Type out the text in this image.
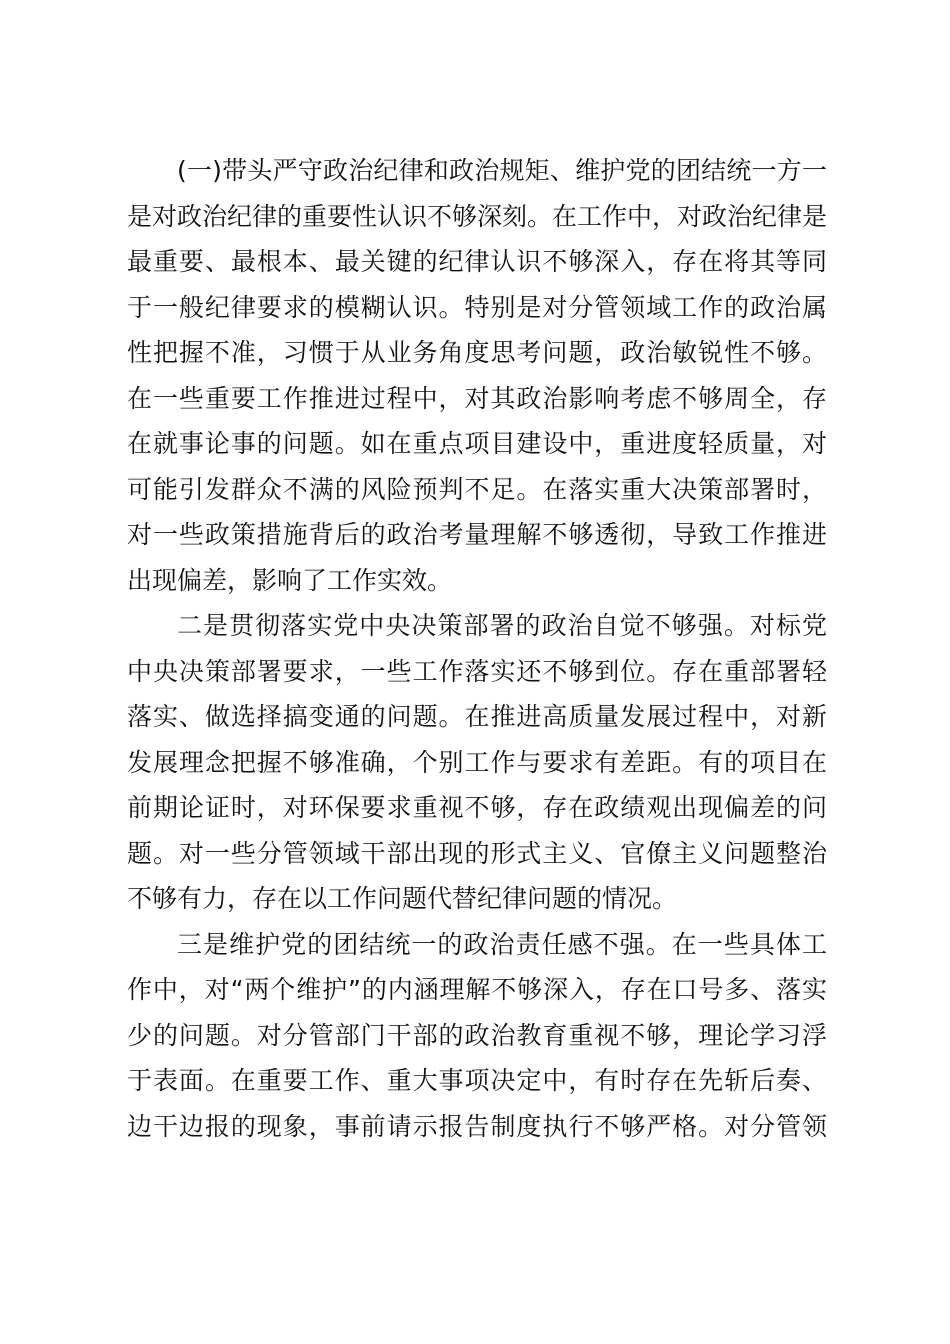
(一)带头严守政治纪律和政治规矩、维护党的团结统一方一
是对政治纪律的重要性认识不够深刻。在工作中，对政治纪律是
最重要、最根本、最关键的纪律认识不够深入，存在将其等同
于一般纪律要求的模糊认识。特别是对分管领域工作的政治属
性把握不准，习惯于从业务角度思考问题，政治敏锐性不够。
在一些重要工作推进过程中，对其政治影响考虑不够周全，存
在就事论事的问题。如在重点项目建设中，重进度轻质量，对
可能引发群众不满的风险预判不足。在落实重大决策部署时，
对一些政策措施背后的政治考量理解不够透彻，导致工作推进
出现偏差，影响了工作实效。
二是贯彻落实党中央决策部署的政治自觉不够强。对标党
中央决策部署要求，一些工作落实还不够到位。存在重部署轻
落实、做选择搞变通的问题。在推进高质量发展过程中，对新
发展理念把握不够准确，个别工作与要求有差距。有的项目在
前期论证时，对环保要求重视不够，存在政绩观出现偏差的问
题。对一些分管领域干部出现的形式主义、官僚主义问题整治
不够有力，存在以工作问题代替纪律问题的情况。
三是维护党的团结统一的政治责任感不强。在一些具体工
作中，对“两个维护”的内涵理解不够深入，存在口号多、落实
少的问题。对分管部门干部的政治教育重视不够，理论学习浮
于表面。在重要工作、重大事项决定中，有时存在先斩后奏、
边干边报的现象，事前请示报告制度执行不够严格。对分管领
